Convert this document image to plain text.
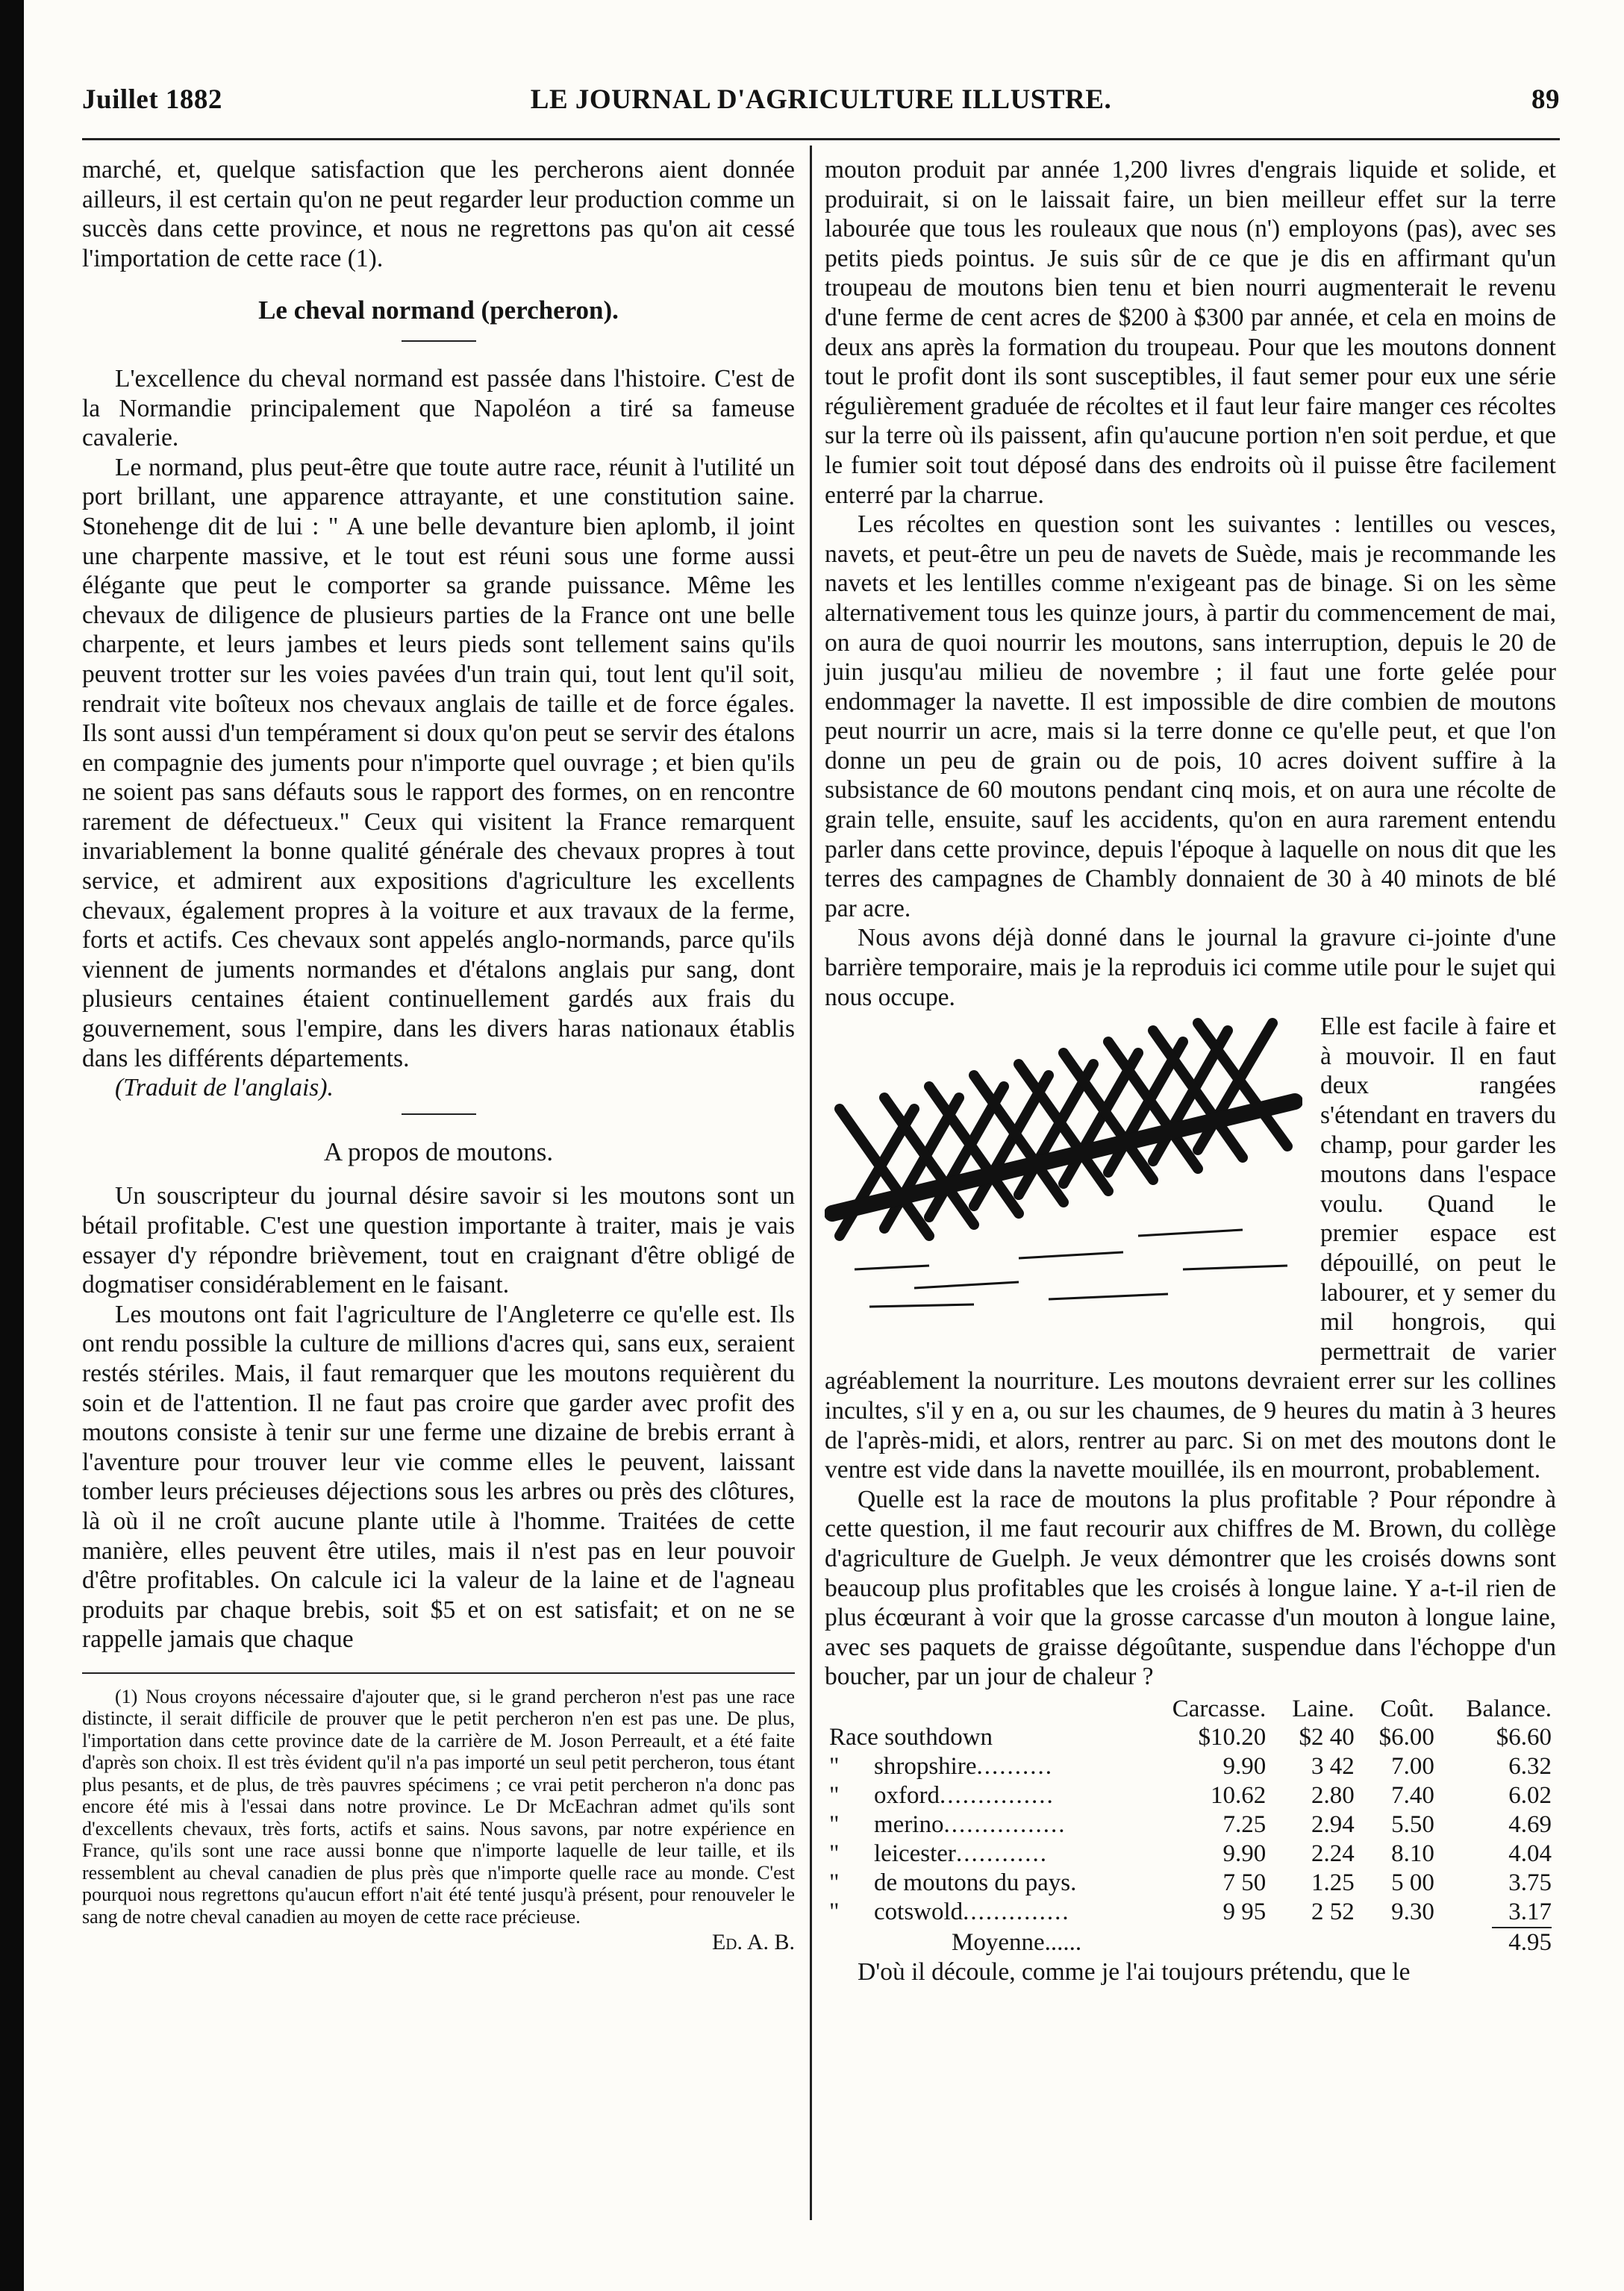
Juillet 1882	LE JOURNAL D'AGRICULTURE ILLUSTRE.	89

marché, et, quelque satisfaction que les percherons aient donnée ailleurs, il est certain qu'on ne peut regarder leur production comme un succès dans cette province, et nous ne regrettons pas qu'on ait cessé l'importation de cette race (1).

Le cheval normand (percheron).

L'excellence du cheval normand est passée dans l'histoire. C'est de la Normandie principalement que Napoléon a tiré sa fameuse cavalerie.

Le normand, plus peut-être que toute autre race, réunit à l'utilité un port brillant, une apparence attrayante, et une constitution saine. Stonehenge dit de lui : " A une belle devanture bien aplomb, il joint une charpente massive, et le tout est réuni sous une forme aussi élégante que peut le comporter sa grande puissance. Même les chevaux de diligence de plusieurs parties de la France ont une belle charpente, et leurs jambes et leurs pieds sont tellement sains qu'ils peuvent trotter sur les voies pavées d'un train qui, tout lent qu'il soit, rendrait vite boîteux nos chevaux anglais de taille et de force égales. Ils sont aussi d'un tempérament si doux qu'on peut se servir des étalons en compagnie des juments pour n'importe quel ouvrage ; et bien qu'ils ne soient pas sans défauts sous le rapport des formes, on en rencontre rarement de défectueux." Ceux qui visitent la France remarquent invariablement la bonne qualité générale des chevaux propres à tout service, et admirent aux expositions d'agriculture les excellents chevaux, également propres à la voiture et aux travaux de la ferme, forts et actifs. Ces chevaux sont appelés anglo-normands, parce qu'ils viennent de juments normandes et d'étalons anglais pur sang, dont plusieurs centaines étaient continuellement gardés aux frais du gouvernement, sous l'empire, dans les divers haras nationaux établis dans les différents départements.

(Traduit de l'anglais).

A propos de moutons.

Un souscripteur du journal désire savoir si les moutons sont un bétail profitable. C'est une question importante à traiter, mais je vais essayer d'y répondre brièvement, tout en craignant d'être obligé de dogmatiser considérablement en le faisant.

Les moutons ont fait l'agriculture de l'Angleterre ce qu'elle est. Ils ont rendu possible la culture de millions d'acres qui, sans eux, seraient restés stériles. Mais, il faut remarquer que les moutons requièrent du soin et de l'attention. Il ne faut pas croire que garder avec profit des moutons consiste à tenir sur une ferme une dizaine de brebis errant à l'aventure pour trouver leur vie comme elles le peuvent, laissant tomber leurs précieuses déjections sous les arbres ou près des clôtures, là où il ne croît aucune plante utile à l'homme. Traitées de cette manière, elles peuvent être utiles, mais il n'est pas en leur pouvoir d'être profitables. On calcule ici la valeur de la laine et de l'agneau produits par chaque brebis, soit $5 et on est satisfait; et on ne se rappelle jamais que chaque

(1) Nous croyons nécessaire d'ajouter que, si le grand percheron n'est pas une race distincte, il serait difficile de prouver que le petit percheron n'en est pas une. De plus, l'importation dans cette province date de la carrière de M. Joson Perreault, et a été faite d'après son choix. Il est très évident qu'il n'a pas importé un seul petit percheron, tous étant plus pesants, et de plus, de très pauvres spécimens ; ce vrai petit percheron n'a donc pas encore été mis à l'essai dans notre province. Le Dr McEachran admet qu'ils sont d'excellents chevaux, très forts, actifs et sains. Nous savons, par notre expérience en France, qu'ils sont une race aussi bonne que n'importe laquelle de leur taille, et ils ressemblent au cheval canadien de plus près que n'importe quelle race au monde. C'est pourquoi nous regrettons qu'aucun effort n'ait été tenté jusqu'à présent, pour renouveler le sang de notre cheval canadien au moyen de cette race précieuse.

Ed. A. B.

mouton produit par année 1,200 livres d'engrais liquide et solide, et produirait, si on le laissait faire, un bien meilleur effet sur la terre labourée que tous les rouleaux que nous (n') employons (pas), avec ses petits pieds pointus. Je suis sûr de ce que je dis en affirmant qu'un troupeau de moutons bien tenu et bien nourri augmenterait le revenu d'une ferme de cent acres de $200 à $300 par année, et cela en moins de deux ans après la formation du troupeau. Pour que les moutons donnent tout le profit dont ils sont susceptibles, il faut semer pour eux une série régulièrement graduée de récoltes et il faut leur faire manger ces récoltes sur la terre où ils paissent, afin qu'aucune portion n'en soit perdue, et que le fumier soit tout déposé dans des endroits où il puisse être facilement enterré par la charrue.

Les récoltes en question sont les suivantes : lentilles ou vesces, navets, et peut-être un peu de navets de Suède, mais je recommande les navets et les lentilles comme n'exigeant pas de binage. Si on les sème alternativement tous les quinze jours, à partir du commencement de mai, on aura de quoi nourrir les moutons, sans interruption, depuis le 20 de juin jusqu'au milieu de novembre ; il faut une forte gelée pour endommager la navette. Il est impossible de dire combien de moutons peut nourrir un acre, mais si la terre donne ce qu'elle peut, et que l'on donne un peu de grain ou de pois, 10 acres doivent suffire à la subsistance de 60 moutons pendant cinq mois, et on aura une récolte de grain telle, ensuite, sauf les accidents, qu'on en aura rarement entendu parler dans cette province, depuis l'époque à laquelle on nous dit que les terres des campagnes de Chambly donnaient de 30 à 40 minots de blé par acre.

Nous avons déjà donné dans le journal la gravure ci-jointe d'une barrière temporaire, mais je la reproduis ici comme utile pour le sujet qui nous occupe.

Elle est facile à faire et à mouvoir. Il en faut deux rangées s'étendant en travers du champ, pour garder les moutons dans l'espace voulu. Quand le premier espace est dépouillé, on peut le labourer, et y semer du mil hongrois, qui permettrait de varier agréablement la nourriture. Les moutons devraient errer sur les collines incultes, s'il y en a, ou sur les chaumes, de 9 heures du matin à 3 heures de l'après-midi, et alors, rentrer au parc. Si on met des moutons dont le ventre est vide dans la navette mouillée, ils en mourront, probablement.

Quelle est la race de moutons la plus profitable ? Pour répondre à cette question, il me faut recourir aux chiffres de M. Brown, du collège d'agriculture de Guelph. Je veux démontrer que les croisés downs sont beaucoup plus profitables que les croisés à longue laine. Y a-t-il rien de plus écœurant à voir que la grosse carcasse d'un mouton à longue laine, avec ses paquets de graisse dégoûtante, suspendue dans l'échoppe d'un boucher, par un jour de chaleur ?

	Carcasse.	Laine.	Coût.	Balance.
Race southdown	$10.20	$2 40	$6.00	$6.60
" shropshire..........	9.90	3 42	7.00	6.32
" oxford...............	10.62	2.80	7.40	6.02
" merino................	7.25	2.94	5.50	4.69
" leicester............	9.90	2.24	8.10	4.04
" de moutons du pays.	7 50	1.25	5 00	3.75
" cotswold..............	9 95	2 52	9.30	3.17

Moyenne......				4.95

D'où il découle, comme je l'ai toujours prétendu, que le
